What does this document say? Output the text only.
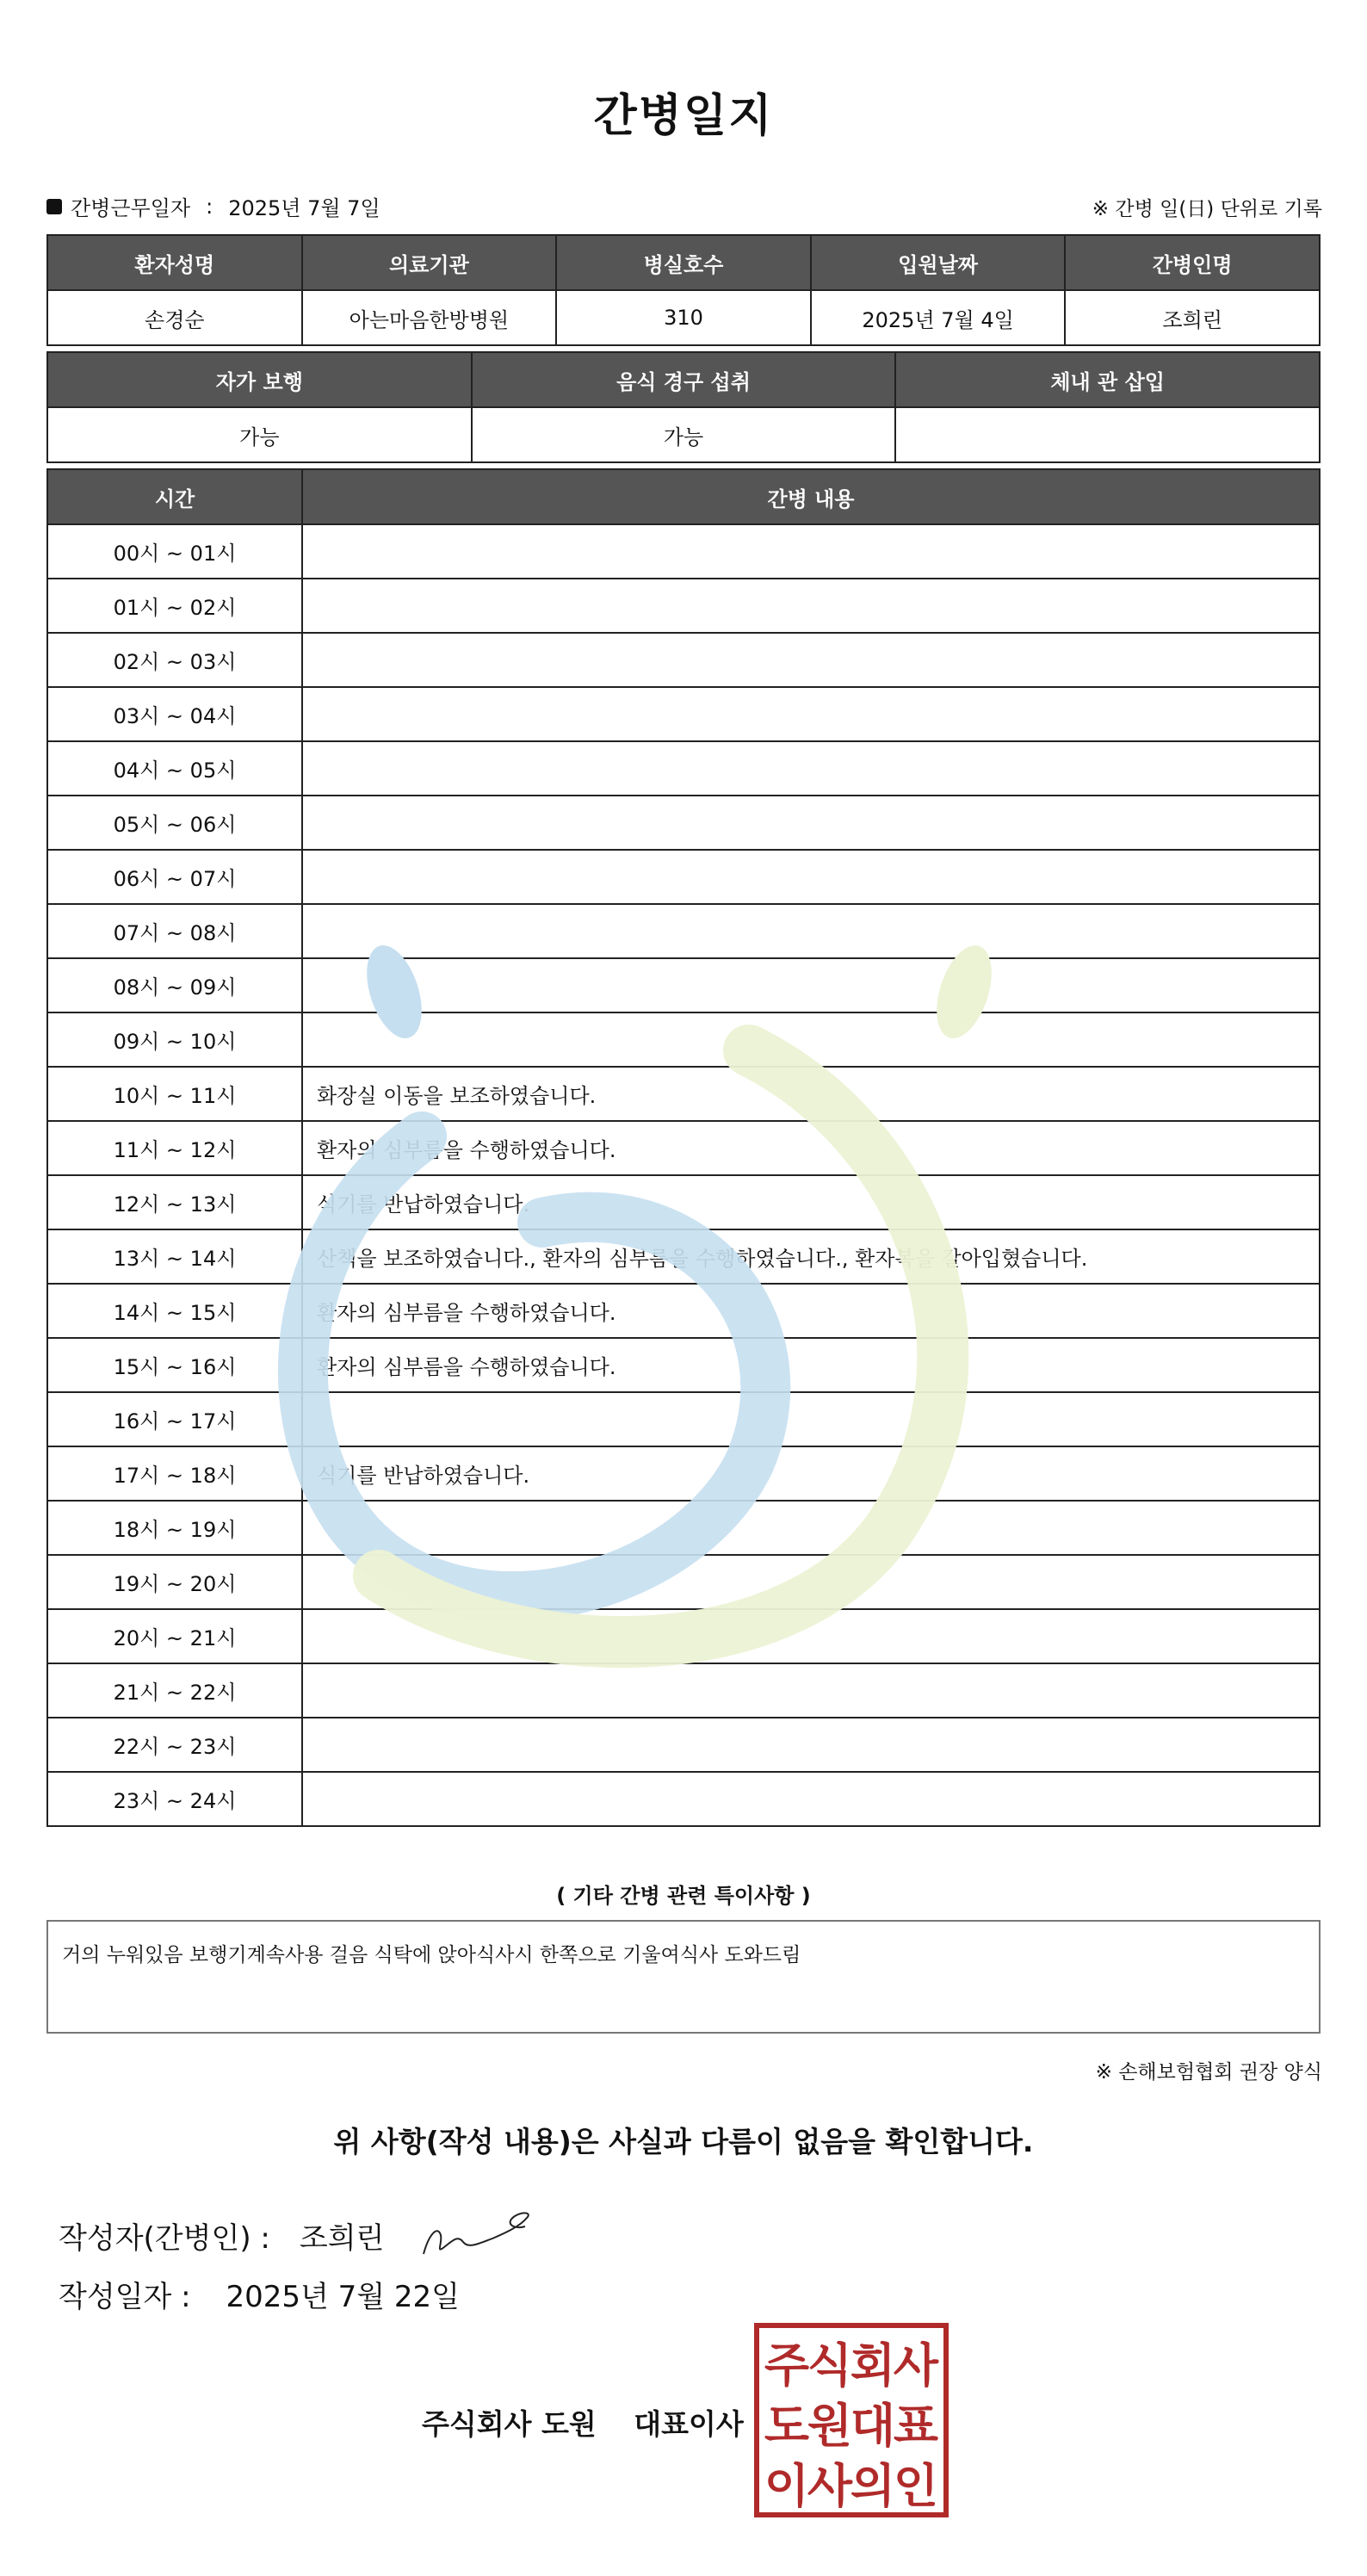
간병일지
간병근무일자 : 2025년 7월 7일	※ 간병 일(日) 단위로 기록
환자성명	의료기관	병실호수	입원날짜	간병인명
손경순	아는마음한방병원	310	2025년 7월 4일	조희린
자가 보행	음식 경구 섭취	체내 관 삽입
가능	가능	
시간	간병 내용
00시 ~ 01시	
01시 ~ 02시	
02시 ~ 03시	
03시 ~ 04시	
04시 ~ 05시	
05시 ~ 06시	
06시 ~ 07시	
07시 ~ 08시	
08시 ~ 09시	
09시 ~ 10시	
10시 ~ 11시	화장실 이동을 보조하였습니다.
11시 ~ 12시	환자의 심부름을 수행하였습니다.
12시 ~ 13시	식기를 반납하였습니다.
13시 ~ 14시	산책을 보조하였습니다., 환자의 심부름을 수행하였습니다., 환자복을 갈아입혔습니다.
14시 ~ 15시	환자의 심부름을 수행하였습니다.
15시 ~ 16시	환자의 심부름을 수행하였습니다.
16시 ~ 17시	
17시 ~ 18시	식기를 반납하였습니다.
18시 ~ 19시	
19시 ~ 20시	
20시 ~ 21시	
21시 ~ 22시	
22시 ~ 23시	
23시 ~ 24시	
( 기타 간병 관련 특이사항 )
거의 누워있음 보행기계속사용 걸음 식탁에 앉아식사시 한쪽으로 기울여식사 도와드림
※ 손해보험협회 권장 양식
위 사항(작성 내용)은 사실과 다름이 없음을 확인합니다.
작성자(간병인) : 조희린
작성일자 : 2025년 7월 22일
주식회사 도원 대표이사
주
식
회
사
도
원
대
표
이
사
의
인
